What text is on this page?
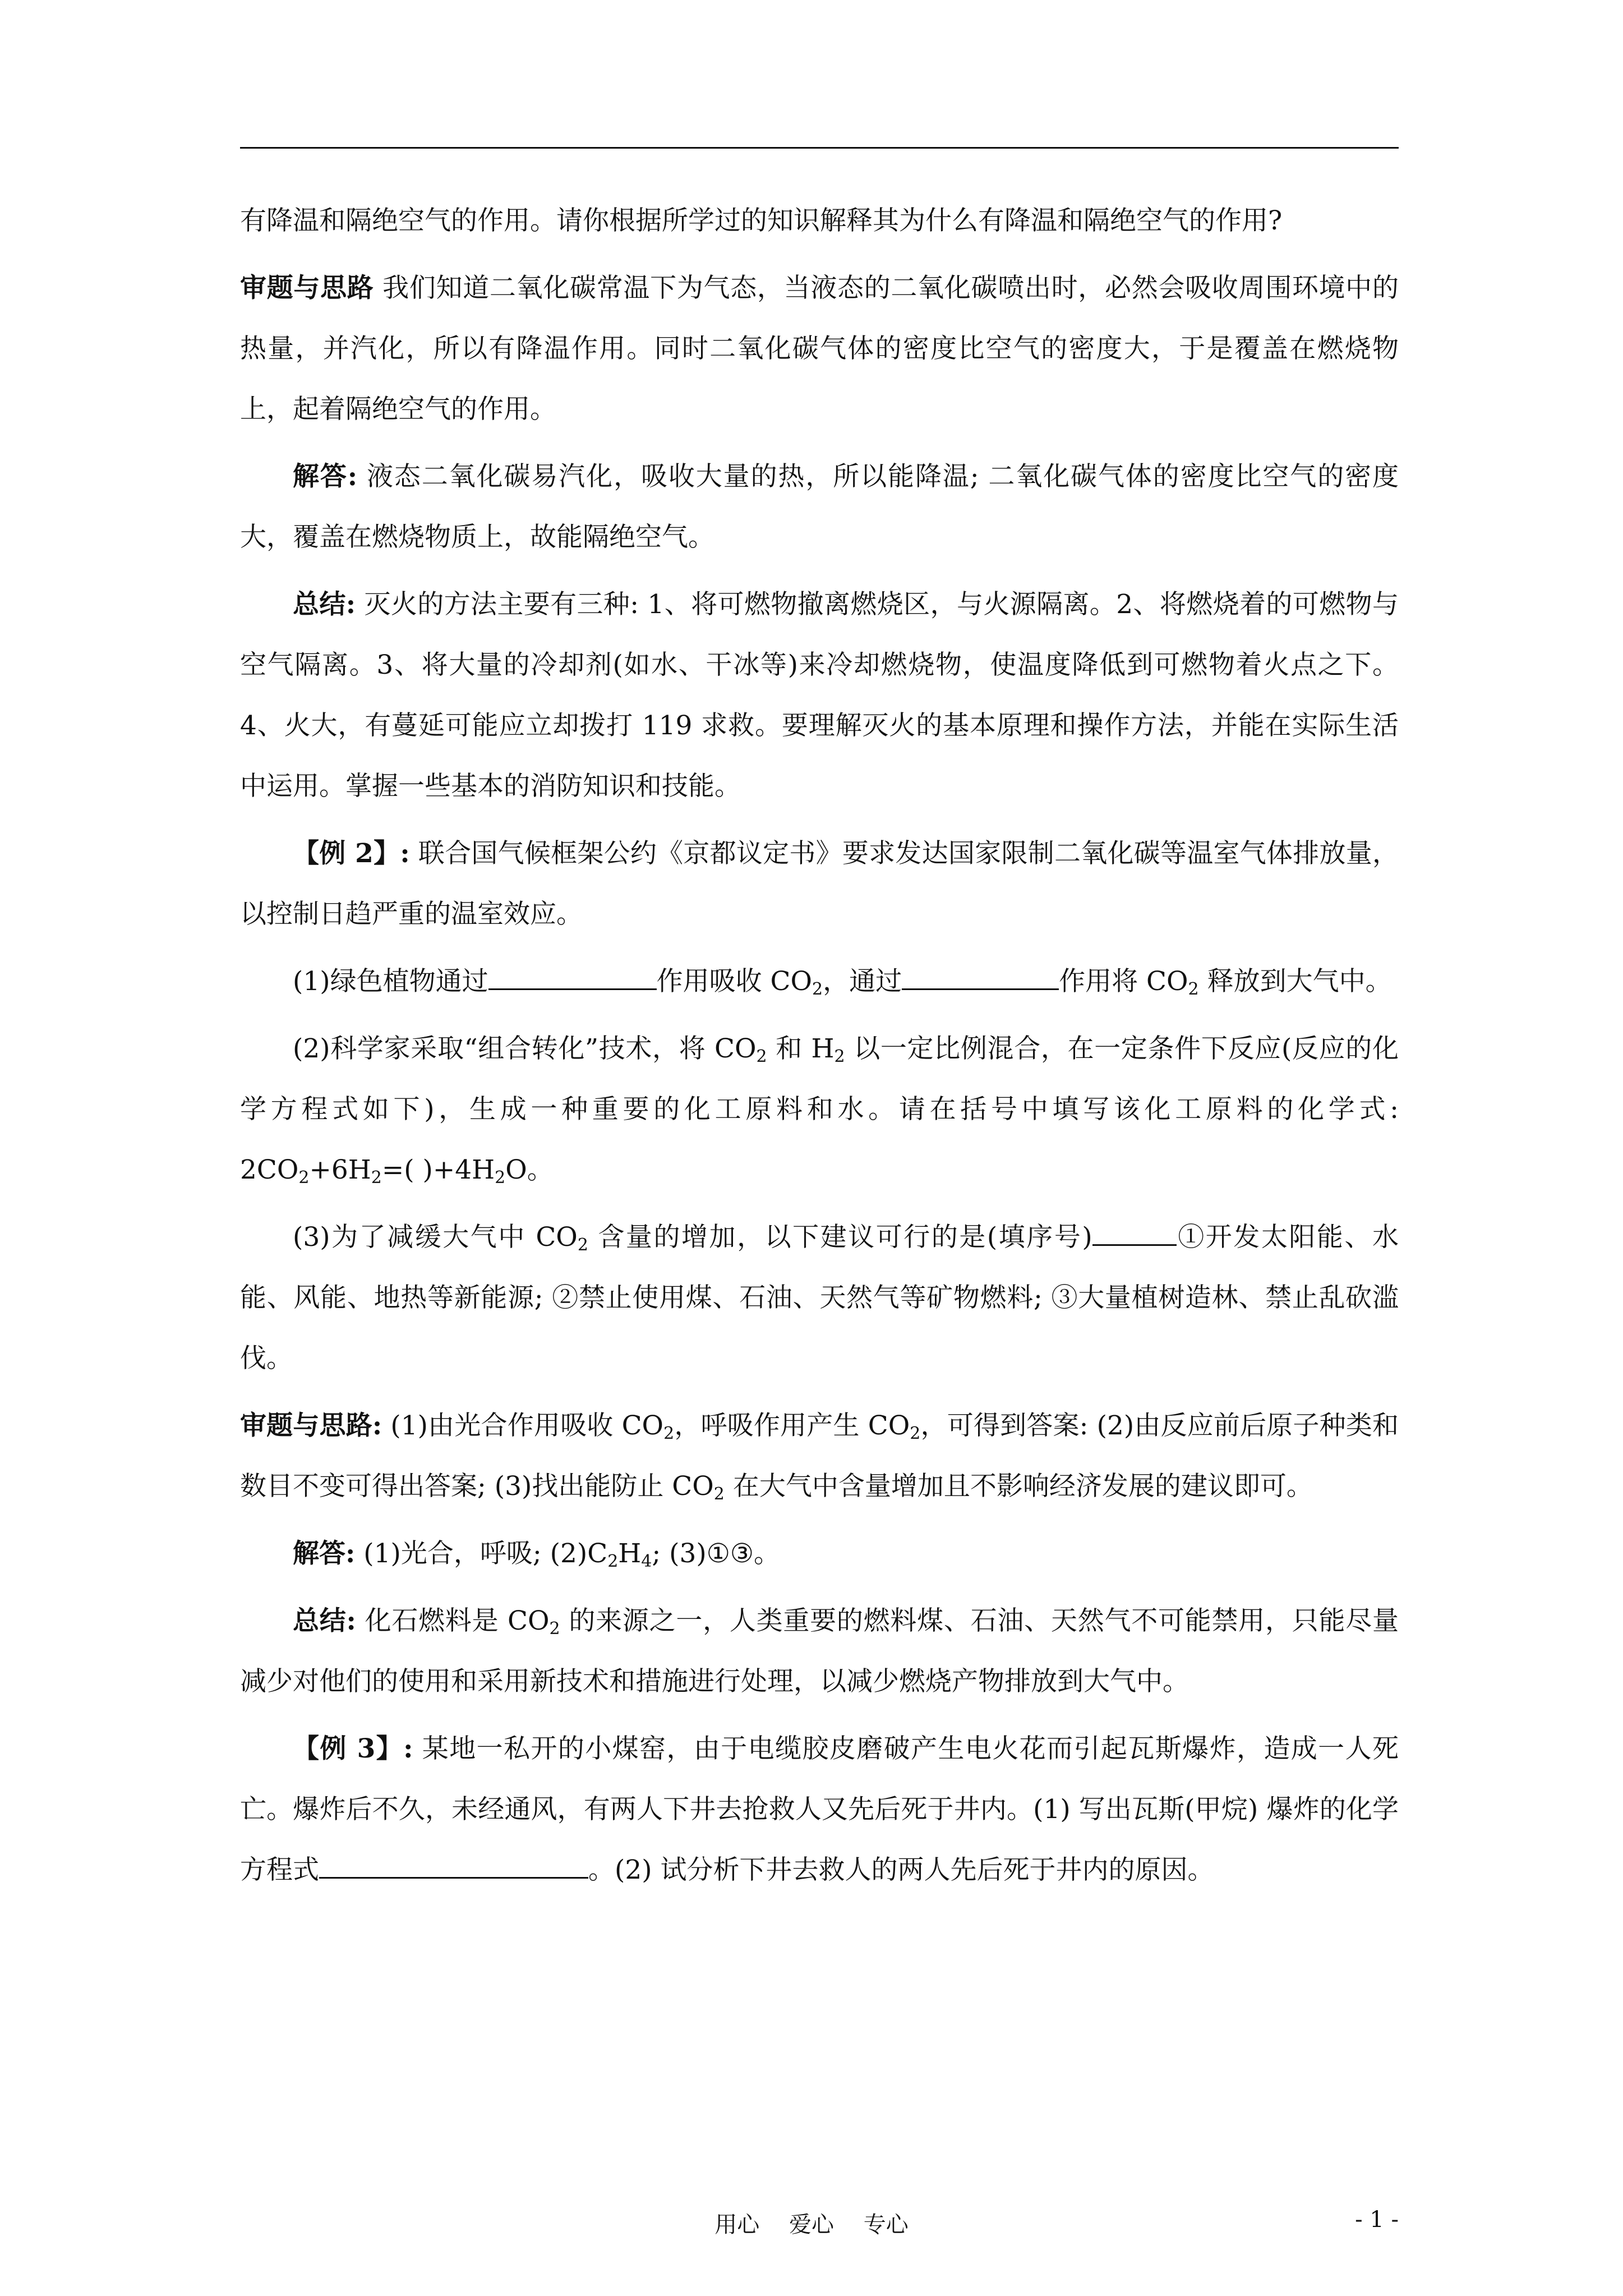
有降温和隔绝空气的作用。请你根据所学过的知识解释其为什么有降温和隔绝空气的作用?

审题与思路 我们知道二氧化碳常温下为气态，当液态的二氧化碳喷出时，必然会吸收周围环境中的热量，并汽化，所以有降温作用。同时二氧化碳气体的密度比空气的密度大，于是覆盖在燃烧物上，起着隔绝空气的作用。

解答: 液态二氧化碳易汽化，吸收大量的热，所以能降温; 二氧化碳气体的密度比空气的密度大，覆盖在燃烧物质上，故能隔绝空气。

总结: 灭火的方法主要有三种: 1、将可燃物撤离燃烧区，与火源隔离。2、将燃烧着的可燃物与空气隔离。3、将大量的冷却剂(如水、干冰等)来冷却燃烧物，使温度降低到可燃物着火点之下。4、火大，有蔓延可能应立却拨打 119 求救。要理解灭火的基本原理和操作方法，并能在实际生活中运用。掌握一些基本的消防知识和技能。

【例 2】: 联合国气候框架公约《京都议定书》要求发达国家限制二氧化碳等温室气体排放量，以控制日趋严重的温室效应。

(1)绿色植物通过	作用吸收 $CO_2$，通过	作用将 $CO_2$ 释放到大气中。

(2)科学家采取“组合转化”技术，将 $CO_2$ 和 $H_2$ 以一定比例混合，在一定条件下反应(反应的化学方程式如下)，生成一种重要的化工原料和水。请在括号中填写该化工原料的化学式: $2CO_2+6H_2=$( )$+4H_2O$。

(3)为了减缓大气中 $CO_2$ 含量的增加，以下建议可行的是(填序号)	①开发太阳能、水能、风能、地热等新能源; ②禁止使用煤、石油、天然气等矿物燃料; ③大量植树造林、禁止乱砍滥伐。

审题与思路: (1)由光合作用吸收 $CO_2$，呼吸作用产生 $CO_2$，可得到答案: (2)由反应前后原子种类和数目不变可得出答案; (3)找出能防止 $CO_2$ 在大气中含量增加且不影响经济发展的建议即可。

解答: (1)光合，呼吸; $(2)C_2H_4$; (3)①③。

总结: 化石燃料是 $CO_2$ 的来源之一，人类重要的燃料煤、石油、天然气不可能禁用，只能尽量减少对他们的使用和采用新技术和措施进行处理，以减少燃烧产物排放到大气中。

【例 3】: 某地一私开的小煤窑，由于电缆胶皮磨破产生电火花而引起瓦斯爆炸，造成一人死亡。爆炸后不久，未经通风，有两人下井去抢救人又先后死于井内。(1) 写出瓦斯(甲烷) 爆炸的化学方程式	。(2) 试分析下井去救人的两人先后死于井内的原因。

用心 爱心 专心	- 1 -
